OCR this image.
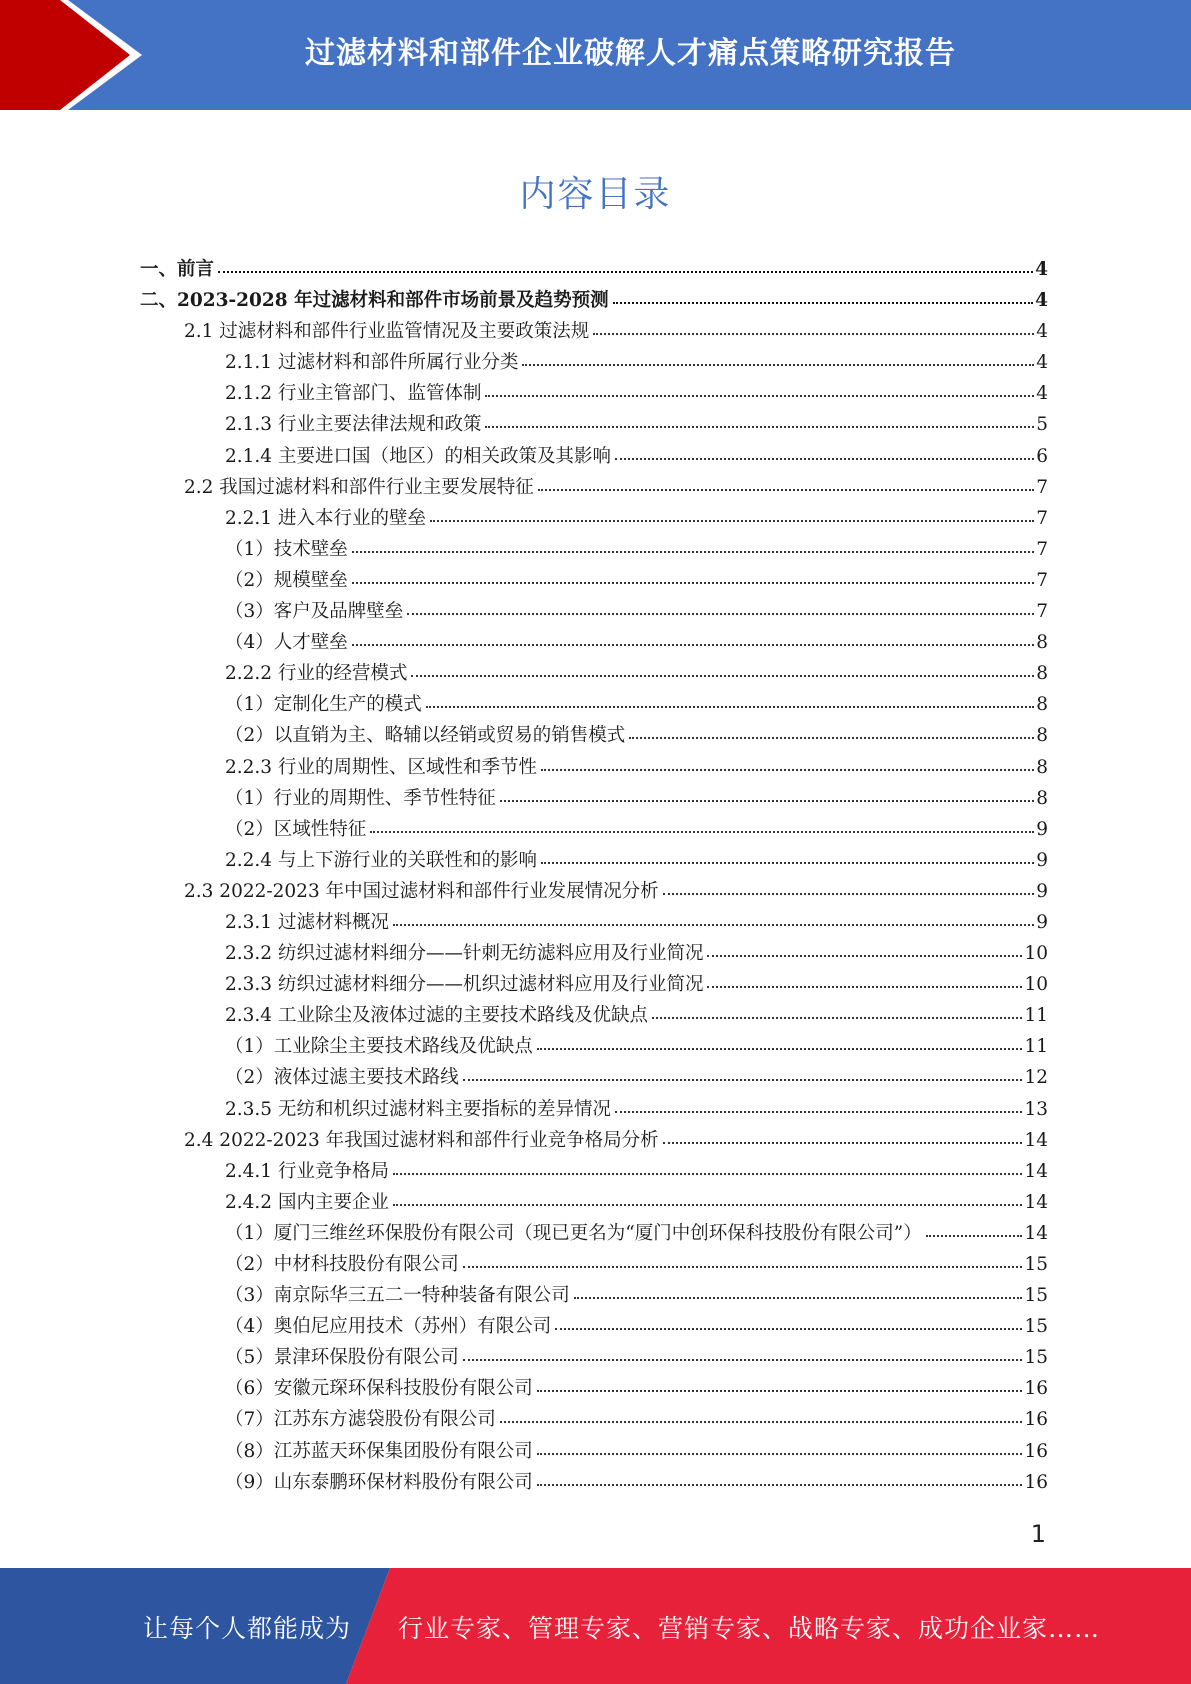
过滤材料和部件企业破解人才痛点策略研究报告
内容目录
一、前言	4
二、2023-2028 年过滤材料和部件市场前景及趋势预测	4
2.1 过滤材料和部件行业监管情况及主要政策法规	4
2.1.1 过滤材料和部件所属行业分类	4
2.1.2 行业主管部门、监管体制	4
2.1.3 行业主要法律法规和政策	5
2.1.4 主要进口国（地区）的相关政策及其影响	6
2.2 我国过滤材料和部件行业主要发展特征	7
2.2.1 进入本行业的壁垒	7
（1）技术壁垒	7
（2）规模壁垒	7
（3）客户及品牌壁垒	7
（4）人才壁垒	8
2.2.2 行业的经营模式	8
（1）定制化生产的模式	8
（2）以直销为主、略辅以经销或贸易的销售模式	8
2.2.3 行业的周期性、区域性和季节性	8
（1）行业的周期性、季节性特征	8
（2）区域性特征	9
2.2.4 与上下游行业的关联性和的影响	9
2.3 2022-2023 年中国过滤材料和部件行业发展情况分析	9
2.3.1 过滤材料概况	9
2.3.2 纺织过滤材料细分——针刺无纺滤料应用及行业简况	10
2.3.3 纺织过滤材料细分——机织过滤材料应用及行业简况	10
2.3.4 工业除尘及液体过滤的主要技术路线及优缺点	11
（1）工业除尘主要技术路线及优缺点	11
（2）液体过滤主要技术路线	12
2.3.5 无纺和机织过滤材料主要指标的差异情况	13
2.4 2022-2023 年我国过滤材料和部件行业竞争格局分析	14
2.4.1 行业竞争格局	14
2.4.2 国内主要企业	14
（1）厦门三维丝环保股份有限公司（现已更名为“厦门中创环保科技股份有限公司”）	14
（2）中材科技股份有限公司	15
（3）南京际华三五二一特种装备有限公司	15
（4）奥伯尼应用技术（苏州）有限公司	15
（5）景津环保股份有限公司	15
（6）安徽元琛环保科技股份有限公司	16
（7）江苏东方滤袋股份有限公司	16
（8）江苏蓝天环保集团股份有限公司	16
（9）山东泰鹏环保材料股份有限公司	16
1
让每个人都能成为 行业专家、管理专家、营销专家、战略专家、成功企业家……
